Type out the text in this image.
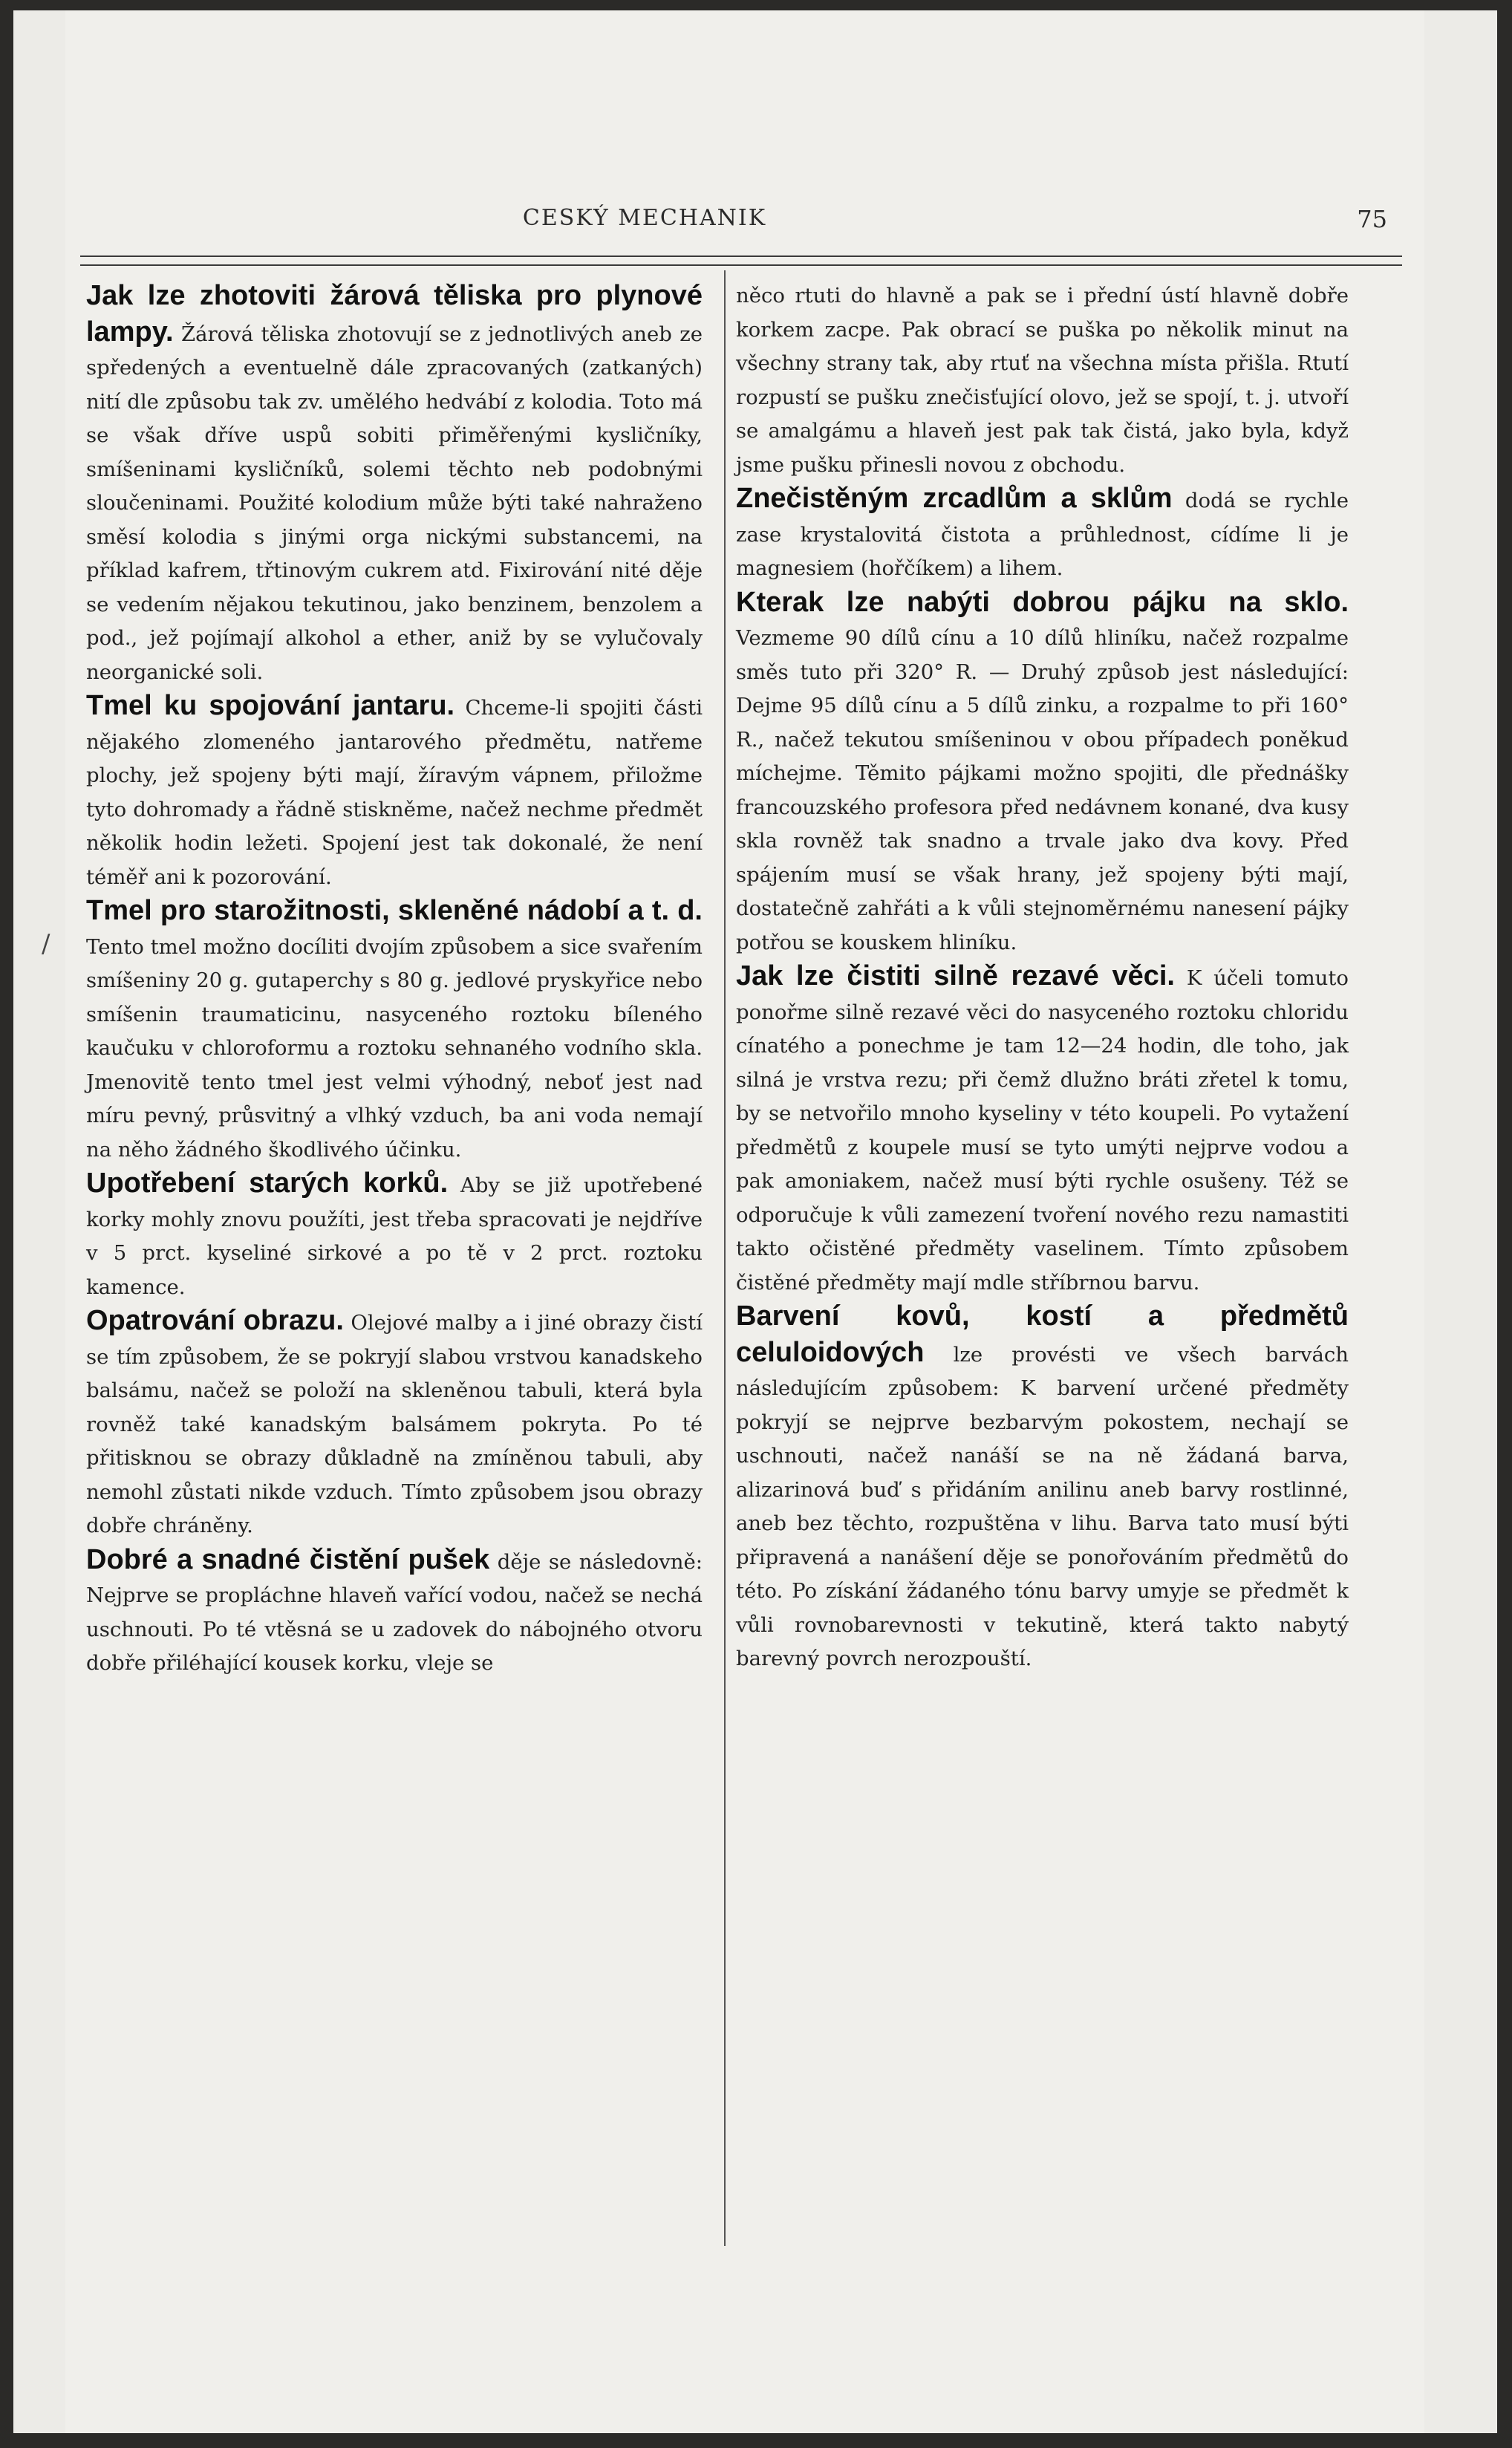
CESKÝ MECHANIK	75
/

Jak lze zhotoviti žárová těliska pro plynové lampy. Žárová těliska zhotovují se z jednotlivých aneb ze spředených a eventuelně dále zpracovaných (zatkaných) nití dle způsobu tak zv. umělého hedvábí z kolodia. Toto má se však dříve uspů sobiti přiměřenými kysličníky, smíšeninami kysličníků, solemi těchto neb podobnými sloučeninami. Použité kolodium může býti také nahraženo směsí kolodia s jinými orga nickými substancemi, na příklad kafrem, třtinovým cukrem atd. Fixirování nité děje se vedením nějakou tekutinou, jako benzinem, benzolem a pod., jež pojímají alkohol a ether, aniž by se vylučovaly neorganické soli.

Tmel ku spojování jantaru. Chceme-li spojiti části nějakého zlomeného jantarového předmětu, natřeme plochy, jež spojeny býti mají, žíravým vápnem, přiložme tyto dohromady a řádně stiskněme, načež nechme předmět několik hodin ležeti. Spojení jest tak dokonalé, že není téměř ani k pozorování.

Tmel pro starožitnosti, skleněné nádobí a t. d. Tento tmel možno docíliti dvojím způsobem a sice svařením smíšeniny 20 g. gutaperchy s 80 g. jedlové pryskyřice nebo smíšenin traumaticinu, nasyceného roztoku bíleného kaučuku v chloroformu a roztoku sehnaného vodního skla. Jmenovitě tento tmel jest velmi výhodný, neboť jest nad míru pevný, průsvitný a vlhký vzduch, ba ani voda nemají na něho žádného škodlivého účinku.

Upotřebení starých korků. Aby se již upotřebené korky mohly znovu použíti, jest třeba spracovati je nejdříve v 5 prct. kyseliné sirkové a po tě v 2 prct. roztoku kamence.

Opatrování obrazu. Olejové malby a i jiné obrazy čistí se tím způsobem, že se pokryjí slabou vrstvou kanadskeho balsámu, načež se položí na skleněnou tabuli, která byla rovněž také kanadským balsámem pokryta. Po té přitisknou se obrazy důkladně na zmíněnou tabuli, aby nemohl zůstati nikde vzduch. Tímto způsobem jsou obrazy dobře chráněny.

Dobré a snadné čistění pušek děje se následovně: Nejprve se propláchne hlaveň vařící vodou, načež se nechá uschnouti. Po té vtěsná se u zadovek do nábojného otvoru dobře přiléhající kousek korku, vleje se

něco rtuti do hlavně a pak se i přední ústí hlavně dobře korkem zacpe. Pak obrací se puška po několik minut na všechny strany tak, aby rtuť na všechna místa přišla. Rtutí rozpustí se pušku znečisťující olovo, jež se spojí, t. j. utvoří se amalgámu a hlaveň jest pak tak čistá, jako byla, když jsme pušku přinesli novou z obchodu.

Znečistěným zrcadlům a sklům dodá se rychle zase krystalovitá čistota a průhlednost, cídíme li je magnesiem (hořčíkem) a lihem.

Kterak lze nabýti dobrou pájku na sklo. Vezmeme 90 dílů cínu a 10 dílů hliníku, načež rozpalme směs tuto při 320° R. — Druhý způsob jest následující: Dejme 95 dílů cínu a 5 dílů zinku, a rozpalme to při 160° R., načež tekutou smíšeninou v obou případech poněkud míchejme. Těmito pájkami možno spojiti, dle přednášky francouzského profesora před nedávnem konané, dva kusy skla rovněž tak snadno a trvale jako dva kovy. Před spájením musí se však hrany, jež spojeny býti mají, dostatečně zahřáti a k vůli stejnoměrnému nanesení pájky potřou se kouskem hliníku.

Jak lze čistiti silně rezavé věci. K účeli tomuto ponořme silně rezavé věci do nasyceného roztoku chloridu cínatého a ponechme je tam 12—24 hodin, dle toho, jak silná je vrstva rezu; při čemž dlužno bráti zřetel k tomu, by se netvořilo mnoho kyseliny v této koupeli. Po vytažení předmětů z koupele musí se tyto umýti nejprve vodou a pak amoniakem, načež musí býti rychle osušeny. Též se odporučuje k vůli zamezení tvoření nového rezu namastiti takto očistěné předměty vaselinem. Tímto způsobem čistěné předměty mají mdle stříbrnou barvu.

Barvení kovů, kostí a předmětů celuloidových lze provésti ve všech barvách následujícím způsobem: K barvení určené předměty pokryjí se nejprve bezbarvým pokostem, nechají se uschnouti, načež nanáší se na ně žádaná barva, alizarinová buď s přidáním anilinu aneb barvy rostlinné, aneb bez těchto, rozpuštěna v lihu. Barva tato musí býti připravená a nanášení děje se ponořováním předmětů do této. Po získání žádaného tónu barvy umyje se předmět k vůli rovnobarevnosti v tekutině, která takto nabytý barevný povrch nerozpouští.
